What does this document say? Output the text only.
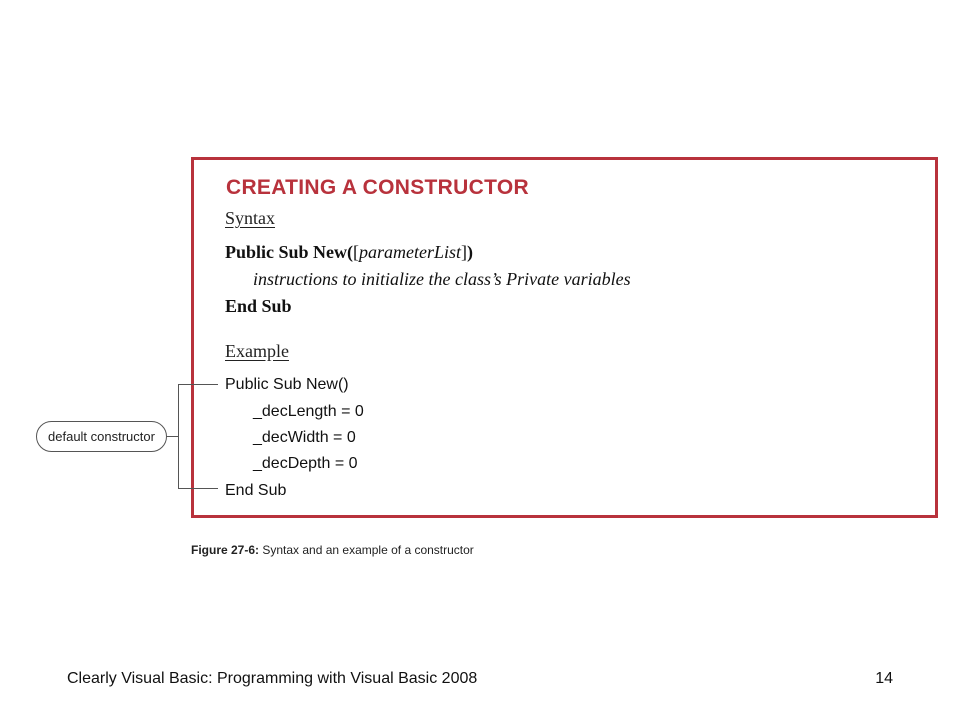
CREATING A CONSTRUCTOR
Syntax
Public Sub New([parameterList])
instructions to initialize the class’s Private variables
End Sub
Example
Public Sub New()
_decLength = 0
_decWidth = 0
_decDepth = 0
End Sub
default constructor
Figure 27-6: Syntax and an example of a constructor
Clearly Visual Basic: Programming with Visual Basic 2008	14
